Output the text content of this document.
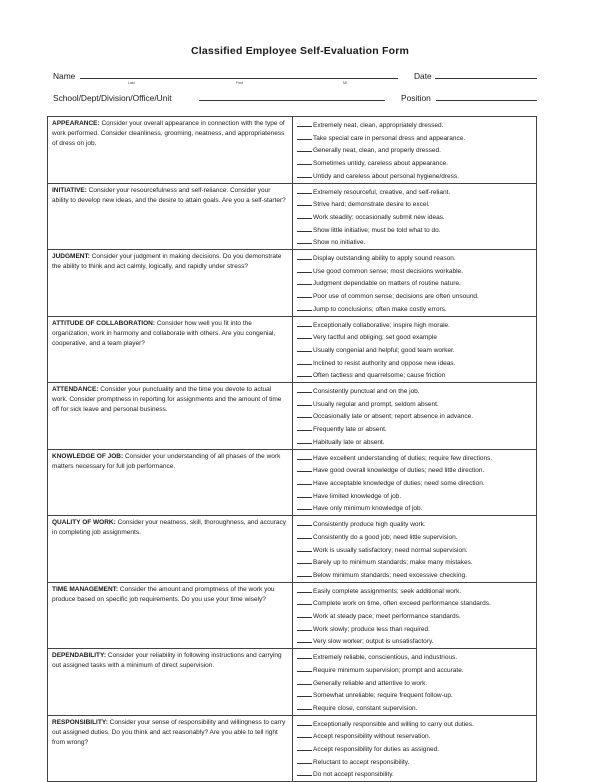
Classified Employee Self-Evaluation Form
Name
Last	First	MI
Date
School/Dept/Division/Office/Unit	Position

APPEARANCE: Consider your overall appearance in connection with the type of work performed. Consider cleanliness, grooming, neatness, and appropriateness of dress on job.	Extremely neat, clean, appropriately dressed.
Take special care in personal dress and appearance.
Generally neat, clean, and properly dressed.
Sometimes untidy, careless about appearance.
Untidy and careless about personal hygiene/dress.

INITIATIVE: Consider your resourcefulness and self-reliance. Consider your ability to develop new ideas, and the desire to attain goals. Are you a self-starter?	Extremely resourceful, creative, and self-reliant.
Strive hard; demonstrate desire to excel.
Work steadily; occasionally submit new ideas.
Show little initiative; must be told what to do.
Show no initiative.

JUDGMENT: Consider your judgment in making decisions. Do you demonstrate the ability to think and act calmly, logically, and rapidly under stress?	Display outstanding ability to apply sound reason.
Use good common sense; most decisions workable.
Judgment dependable on matters of routine nature.
Poor use of common sense; decisions are often unsound.
Jump to conclusions; often make costly errors.

ATTITUDE OF COLLABORATION: Consider how well you fit into the organization, work in harmony and collaborate with others. Are you congenial, cooperative, and a team player?	Exceptionally collaborative; inspire high morale.
Very tactful and obliging; set good example
Usually congenial and helpful; good team worker.
Inclined to resist authority and oppose new ideas.
Often tactless and quarrelsome; cause friction

ATTENDANCE: Consider your punctuality and the time you devote to actual work. Consider promptness in reporting for assignments and the amount of time off for sick leave and personal business.	Consistently punctual and on the job.
Usually regular and prompt, seldom absent.
Occasionally late or absent; report absence in advance.
Frequently late or absent.
Habitually late or absent.

KNOWLEDGE OF JOB: Consider your understanding of all phases of the work matters necessary for full job performance.	Have excellent understanding of duties; require few directions.
Have good overall knowledge of duties; need little direction.
Have acceptable knowledge of duties; need some direction.
Have limited knowledge of job.
Have only minimum knowledge of job.

QUALITY OF WORK: Consider your neatness, skill, thoroughness, and accuracy in completing job assignments.	Consistently produce high quality work.
Consistently do a good job; need little supervision.
Work is usually satisfactory; need normal supervision.
Barely up to minimum standards; make many mistakes.
Below minimum standards; need excessive checking.

TIME MANAGEMENT: Consider the amount and promptness of the work you produce based on specific job requirements. Do you use your time wisely?	Easily complete assignments; seek additional work.
Complete work on time, often exceed performance standards.
Work at steady pace; meet performance standards.
Work slowly; produce less than required.
Very slow worker; output is unsatisfactory.

DEPENDABILITY: Consider your reliability in following instructions and carrying out assigned tasks with a minimum of direct supervision.	Extremely reliable, conscientious, and industrious.
Require minimum supervision; prompt and accurate.
Generally reliable and attentive to work.
Somewhat unreliable; require frequent follow-up.
Require close, constant supervision.

RESPONSIBILITY: Consider your sense of responsibility and willingness to carry out assigned duties. Do you think and act reasonably? Are you able to tell right from wrong?	Exceptionally responsible and willing to carry out duties.
Accept responsibility without reservation.
Accept responsibility for duties as assigned.
Reluctant to accept responsibility.
Do not accept responsibility.
